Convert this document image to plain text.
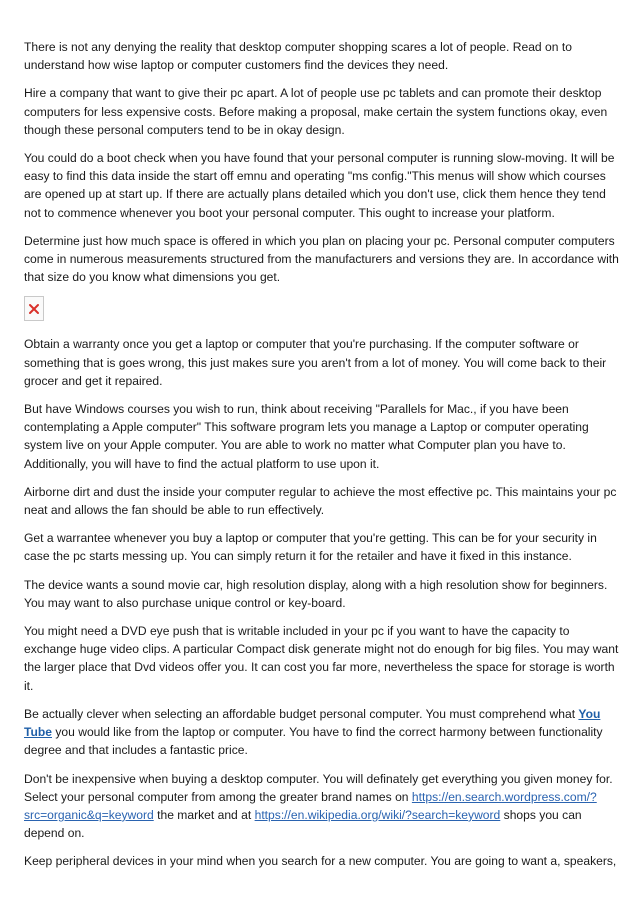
There is not any denying the reality that desktop computer shopping scares a lot of people. Read on to understand how wise laptop or computer customers find the devices they need.

Hire a company that want to give their pc apart. A lot of people use pc tablets and can promote their desktop computers for less expensive costs. Before making a proposal, make certain the system functions okay, even though these personal computers tend to be in okay design.

You could do a boot check when you have found that your personal computer is running slow-moving. It will be easy to find this data inside the start off emnu and operating "ms config."This menus will show which courses are opened up at start up. If there are actually plans detailed which you don't use, click them hence they tend not to commence whenever you boot your personal computer. This ought to increase your platform.

Determine just how much space is offered in which you plan on placing your pc. Personal computer computers come in numerous measurements structured from the manufacturers and versions they are. In accordance with that size do you know what dimensions you get.

Obtain a warranty once you get a laptop or computer that you're purchasing. If the computer software or something that is goes wrong, this just makes sure you aren't from a lot of money. You will come back to their grocer and get it repaired.

But have Windows courses you wish to run, think about receiving "Parallels for Mac., if you have been contemplating a Apple computer" This software program lets you manage a Laptop or computer operating system live on your Apple computer. You are able to work no matter what Computer plan you have to. Additionally, you will have to find the actual platform to use upon it.

Airborne dirt and dust the inside your computer regular to achieve the most effective pc. This maintains your pc neat and allows the fan should be able to run effectively.

Get a warrantee whenever you buy a laptop or computer that you're getting. This can be for your security in case the pc starts messing up. You can simply return it for the retailer and have it fixed in this instance.

The device wants a sound movie car, high resolution display, along with a high resolution show for beginners. You may want to also purchase unique control or key-board.

You might need a DVD eye push that is writable included in your pc if you want to have the capacity to exchange huge video clips. A particular Compact disk generate might not do enough for big files. You may want the larger place that Dvd videos offer you. It can cost you far more, nevertheless the space for storage is worth it.

Be actually clever when selecting an affordable budget personal computer. You must comprehend what You Tube you would like from the laptop or computer. You have to find the correct harmony between functionality degree and that includes a fantastic price.

Don't be inexpensive when buying a desktop computer. You will definately get everything you given money for. Select your personal computer from among the greater brand names on https://en.search.wordpress.com/?src=organic&q=keyword the market and at https://en.wikipedia.org/wiki/?search=keyword shops you can depend on.

Keep peripheral devices in your mind when you search for a new computer. You are going to want a, speakers,
